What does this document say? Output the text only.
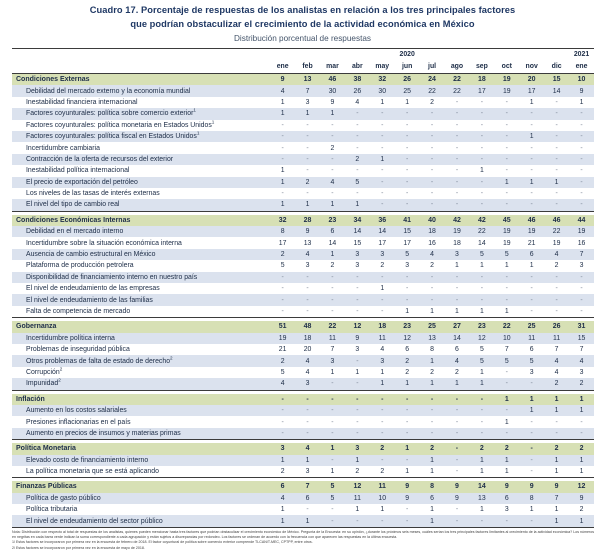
Cuadro 17. Porcentaje de respuestas de los analistas en relación a los tres principales factores
que podrían obstaculizar el crecimiento de la actividad económica en México
Distribución porcentual de respuestas

						2020							2021
	ene	feb	mar	abr	may	jun	jul	ago	sep	oct	nov	dic	ene

Condiciones Externas	9	13	46	38	32	26	24	22	18	19	20	15	10
Debilidad del mercado externo y la economía mundial	4	7	30	26	30	25	22	22	17	19	17	14	9
Inestabilidad financiera internacional	1	3	9	4	1	1	2	-	-	-	1	-	1
Factores coyunturales: política sobre comercio exterior$^1$	1	1	1	-	-	-	-	-	-	-	-	-	-
Factores coyunturales: política monetaria en Estados Unidos$^1$	-	-	-	-	-	-	-	-	-	-	-	-	-
Factores coyunturales: política fiscal en Estados Unidos$^1$	-	-	-	-	-	-	-	-	-	-	1	-	-
Incertidumbre cambiaria	-	-	2	-	-	-	-	-	-	-	-	-	-
Contracción de la oferta de recursos del exterior	-	-	-	2	1	-	-	-	-	-	-	-	-
Inestabilidad política internacional	1	-	-	-	-	-	-	-	1	-	-	-	-
El precio de exportación del petróleo	1	2	4	5	-	-	-	-	-	1	1	1	-
Los niveles de las tasas de interés externas	-	-	-	-	-	-	-	-	-	-	-	-	-
El nivel del tipo de cambio real	1	1	1	1	-	-	-	-	-	-	-	-	-

Condiciones Económicas Internas	32	28	23	34	36	41	40	42	42	45	46	46	44
Debilidad en el mercado interno	8	9	6	14	14	15	18	19	22	19	19	22	19
Incertidumbre sobre la situación económica interna	17	13	14	15	17	17	16	18	14	19	21	19	16
Ausencia de cambio estructural en México	2	4	1	3	3	5	4	3	5	5	6	4	7
Plataforma de producción petrolera	5	3	2	3	2	3	2	1	1	1	1	2	3
Disponibilidad de financiamiento interno en nuestro país	-	-	-	-	-	-	-	-	-	-	-	-	-
El nivel de endeudamiento de las empresas	-	-	-	-	1	-	-	-	-	-	-	-	-
El nivel de endeudamiento de las familias	-	-	-	-	-	-	-	-	-	-	-	-	-
Falta de competencia de mercado	-	-	-	-	-	1	1	1	1	1	-	-	-

Gobernanza	51	48	22	12	18	23	25	27	23	22	25	26	31
Incertidumbre política interna	19	18	11	9	11	12	13	14	12	10	11	11	15
Problemas de inseguridad pública	21	20	7	3	4	6	8	6	5	7	6	7	7
Otros problemas de falta de estado de derecho$^2$	2	4	3	-	3	2	1	4	5	5	5	4	4
Corrupción$^2$	5	4	1	1	1	2	2	2	1	-	3	4	3
Impunidad$^2$	4	3	-	-	1	1	1	1	1	-	-	2	2

Inflación	-	-	-	-	-	-	-	-	-	1	1	1	1
Aumento en los costos salariales	-	-	-	-	-	-	-	-	-	-	1	1	1
Presiones inflacionarias en el país	-	-	-	-	-	-	-	-	-	1	-	-	-
Aumento en precios de insumos y materias primas	-	-	-	-	-	-	-	-	-	-	-	-	-

Política Monetaria	3	4	1	3	2	1	2	-	2	2	-	2	2
Elevado costo de financiamiento interno	1	1	-	1	-	-	1	-	1	1	-	1	1
La política monetaria que se está aplicando	2	3	1	2	2	1	1	-	1	1	-	1	1

Finanzas Públicas	6	7	5	12	11	9	8	9	14	9	9	9	12
Política de gasto público	4	6	5	11	10	9	6	9	13	6	8	7	9
Política tributaria	1	-	-	1	1	-	1	-	1	3	1	1	2
El nivel de endeudamiento del sector público	1	1	-	-	-	-	1	-	-	-	-	1	1

Nota: Distribución con respecto al total de respuestas de los analistas, quienes pueden mencionar hasta tres factores que podrían obstaculizar el crecimiento económico de México. Pregunta de la Encuesta: en su opinión, ¿durante los próximos seis meses, cuáles serían los tres principales factores limitantes al crecimiento de la actividad económica? Los números en negritas en cada barra verde indican la suma correspondiente a cada agrupación y están sujetos a discrepancias por redondeo. Los factores se ordenan de acuerdo con la frecuencia con que aparecen las respuestas en la última encuesta.

1/ Estos factores se incorporaron por primera vez en la encuesta de febrero de 2018. El factor coyuntural de política sobre comercio exterior comprende TLCAN/T-MEC, CPTPP, entre otros.

2/ Estos factores se incorporaron por primera vez en la encuesta de mayo de 2018.
